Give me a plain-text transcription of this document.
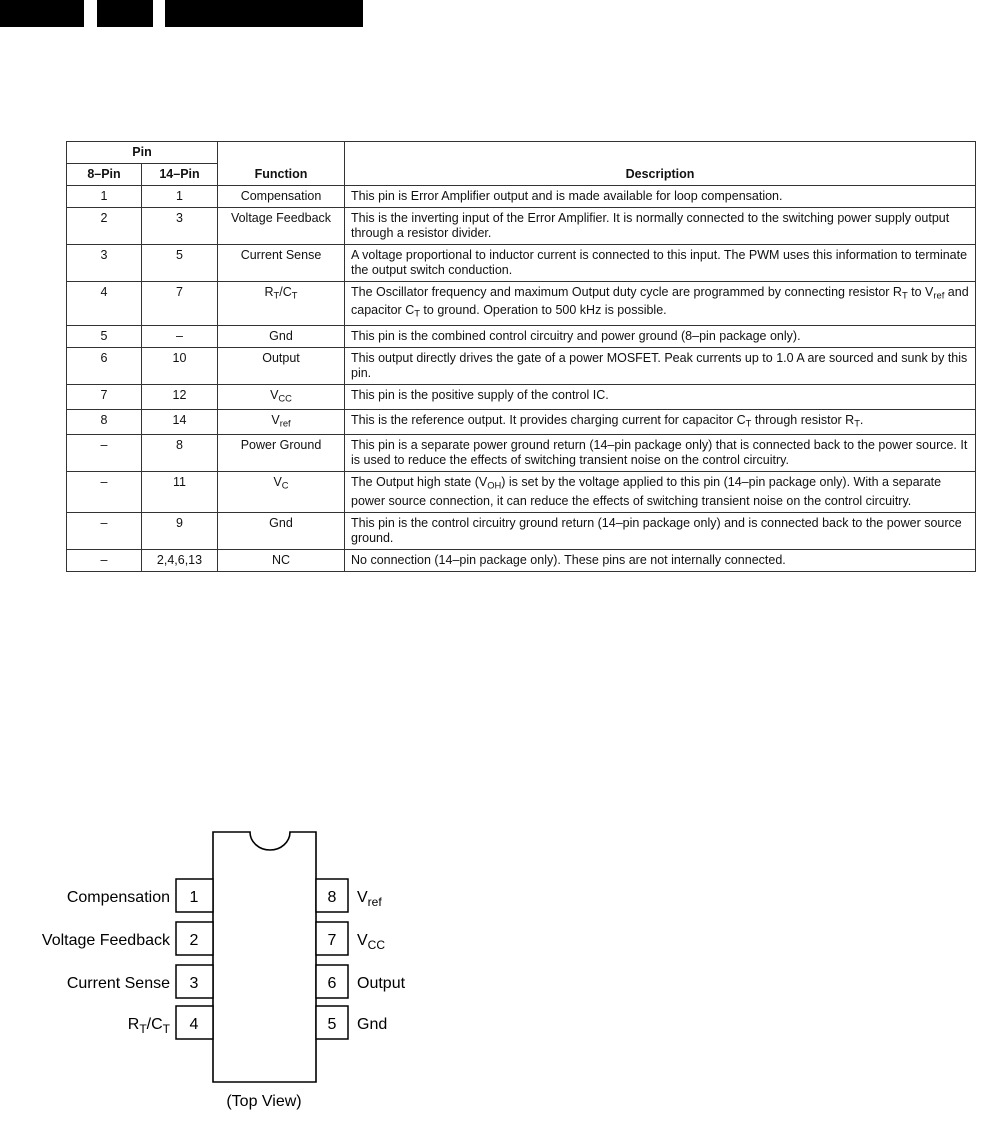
Pin		Function	Description
8–Pin	14–Pin		
1	1	Compensation	This pin is Error Amplifier output and is made available for loop compensation.
2	3	Voltage Feedback	This is the inverting input of the Error Amplifier. It is normally connected to the switching power supply output through a resistor divider.
3	5	Current Sense	A voltage proportional to inductor current is connected to this input. The PWM uses this information to terminate the output switch conduction.
4	7	$R_T/C_T$	The Oscillator frequency and maximum Output duty cycle are programmed by connecting resistor $R_T$ to $V_{ref}$ and capacitor $C_T$ to ground. Operation to 500 kHz is possible.
5	–	Gnd	This pin is the combined control circuitry and power ground (8–pin package only).
6	10	Output	This output directly drives the gate of a power MOSFET. Peak currents up to 1.0 A are sourced and sunk by this pin.
7	12	$V_{CC}$	This pin is the positive supply of the control IC.
8	14	$V_{ref}$	This is the reference output. It provides charging current for capacitor $C_T$ through resistor $R_T$.
–	8	Power Ground	This pin is a separate power ground return (14–pin package only) that is connected back to the power source. It is used to reduce the effects of switching transient noise on the control circuitry.
–	11	$V_C$	The Output high state $(V_{OH})$ is set by the voltage applied to this pin (14–pin package only). With a separate power source connection, it can reduce the effects of switching transient noise on the control circuitry.
–	9	Gnd	This pin is the control circuitry ground return (14–pin package only) and is connected back to the power source ground.
–	2,4,6,13	NC	No connection (14–pin package only). These pins are not internally connected.
1
2
3
4
8
7
6
5
Compensation
Voltage Feedback
Current Sense
$R_T/C_T$
$V_{ref}$
$V_{CC}$
Output
Gnd
(Top View)
